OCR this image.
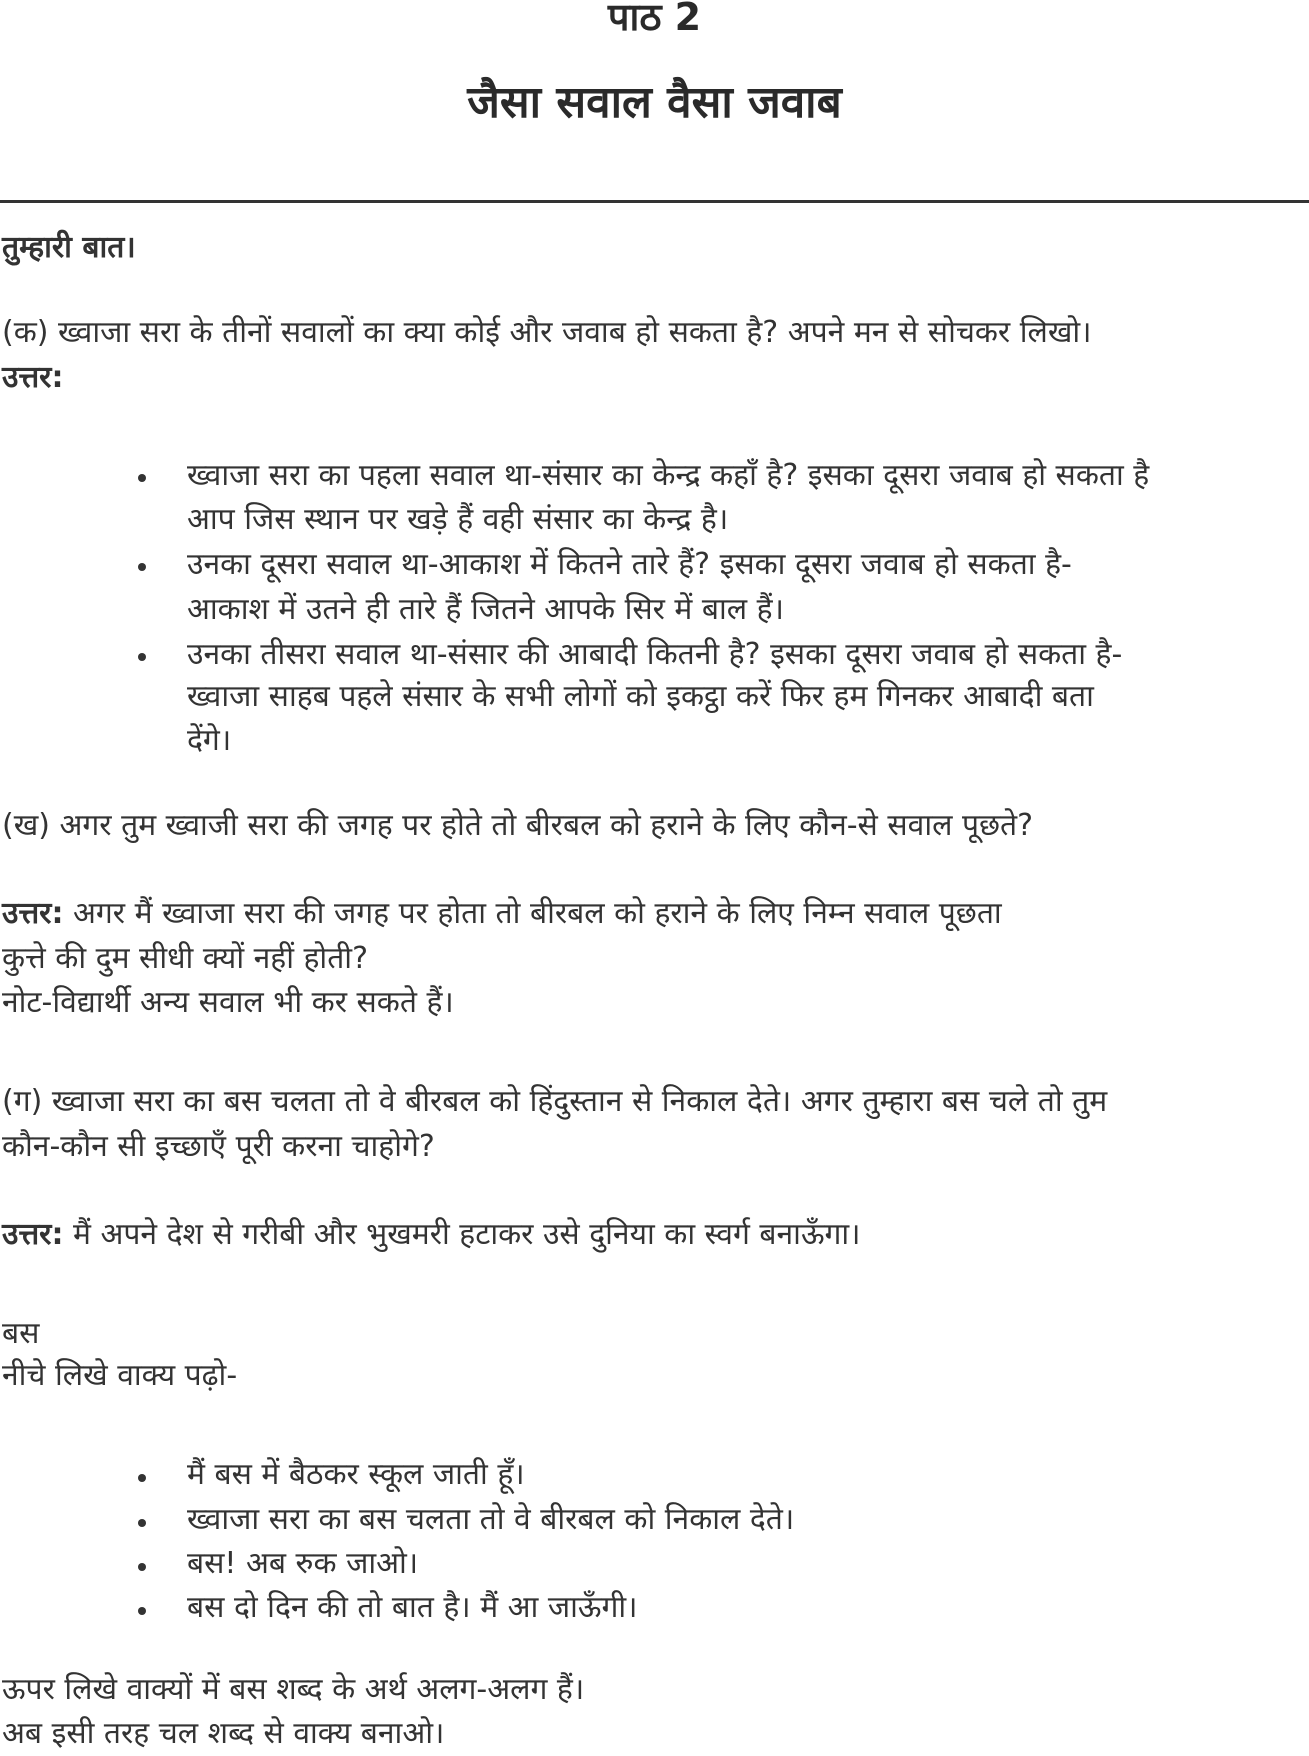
पाठ 2
जैसा सवाल वैसा जवाब
तुम्हारी बात।
(क) ख्वाजा सरा के तीनों सवालों का क्या कोई और जवाब हो सकता है? अपने मन से सोचकर लिखो।
उत्तर:
ख्वाजा सरा का पहला सवाल था-संसार का केन्द्र कहाँ है? इसका दूसरा जवाब हो सकता है
आप जिस स्थान पर खड़े हैं वही संसार का केन्द्र है।
उनका दूसरा सवाल था-आकाश में कितने तारे हैं? इसका दूसरा जवाब हो सकता है-
आकाश में उतने ही तारे हैं जितने आपके सिर में बाल हैं।
उनका तीसरा सवाल था-संसार की आबादी कितनी है? इसका दूसरा जवाब हो सकता है-
ख्वाजा साहब पहले संसार के सभी लोगों को इकट्ठा करें फिर हम गिनकर आबादी बता
देंगे।
(ख) अगर तुम ख्वाजी सरा की जगह पर होते तो बीरबल को हराने के लिए कौन-से सवाल पूछते?
उत्तर: अगर मैं ख्वाजा सरा की जगह पर होता तो बीरबल को हराने के लिए निम्न सवाल पूछता
कुत्ते की दुम सीधी क्यों नहीं होती?
नोट-विद्यार्थी अन्य सवाल भी कर सकते हैं।
(ग) ख्वाजा सरा का बस चलता तो वे बीरबल को हिंदुस्तान से निकाल देते। अगर तुम्हारा बस चले तो तुम
कौन-कौन सी इच्छाएँ पूरी करना चाहोगे?
उत्तर: मैं अपने देश से गरीबी और भुखमरी हटाकर उसे दुनिया का स्वर्ग बनाऊँगा।
बस
नीचे लिखे वाक्य पढ़ो-
मैं बस में बैठकर स्कूल जाती हूँ।
ख्वाजा सरा का बस चलता तो वे बीरबल को निकाल देते।
बस! अब रुक जाओ।
बस दो दिन की तो बात है। मैं आ जाऊँगी।
ऊपर लिखे वाक्यों में बस शब्द के अर्थ अलग-अलग हैं।
अब इसी तरह चल शब्द से वाक्य बनाओ।
